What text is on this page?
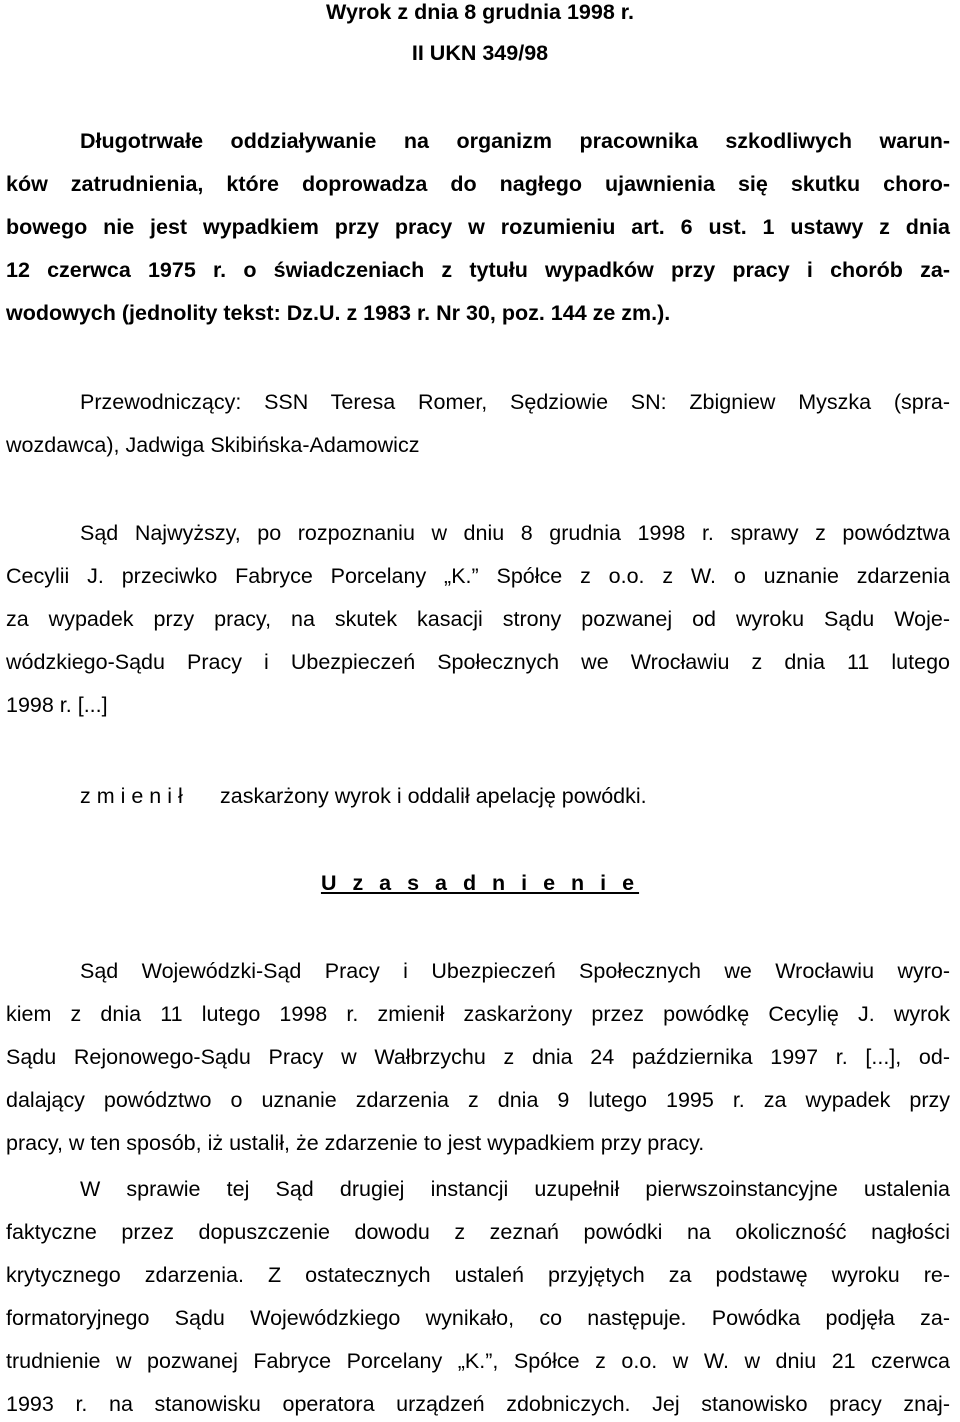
Wyrok z dnia 8 grudnia 1998 r.

II UKN 349/98

Długotrwałe oddziaływanie na organizm pracownika szkodliwych warun-

ków zatrudnienia, które doprowadza do nagłego ujawnienia się skutku choro-

bowego nie jest wypadkiem przy pracy w rozumieniu art. 6 ust. 1 ustawy z dnia

12 czerwca 1975 r. o świadczeniach z tytułu wypadków przy pracy i chorób za-

wodowych (jednolity tekst: Dz.U. z 1983 r. Nr 30, poz. 144 ze zm.).

Przewodniczący: SSN Teresa Romer, Sędziowie SN: Zbigniew Myszka (spra-

wozdawca), Jadwiga Skibińska-Adamowicz

Sąd Najwyższy, po rozpoznaniu w dniu 8 grudnia 1998 r. sprawy z powództwa

Cecylii J. przeciwko Fabryce Porcelany „K.” Spółce z o.o. z W. o uznanie zdarzenia

za wypadek przy pracy, na skutek kasacji strony pozwanej od wyroku Sądu Woje-

wódzkiego-Sądu Pracy i Ubezpieczeń Społecznych we Wrocławiu z dnia 11 lutego

1998 r. [...]

z m i e n i ł zaskarżony wyrok i oddalił apelację powódki.

U z a s a d n i e n i e

Sąd Wojewódzki-Sąd Pracy i Ubezpieczeń Społecznych we Wrocławiu wyro-

kiem z dnia 11 lutego 1998 r. zmienił zaskarżony przez powódkę Cecylię J. wyrok

Sądu Rejonowego-Sądu Pracy w Wałbrzychu z dnia 24 października 1997 r. [...], od-

dalający powództwo o uznanie zdarzenia z dnia 9 lutego 1995 r. za wypadek przy

pracy, w ten sposób, iż ustalił, że zdarzenie to jest wypadkiem przy pracy.

W sprawie tej Sąd drugiej instancji uzupełnił pierwszoinstancyjne ustalenia

faktyczne przez dopuszczenie dowodu z zeznań powódki na okoliczność nagłości

krytycznego zdarzenia. Z ostatecznych ustaleń przyjętych za podstawę wyroku re-

formatoryjnego Sądu Wojewódzkiego wynikało, co następuje. Powódka podjęła za-

trudnienie w pozwanej Fabryce Porcelany „K.”, Spółce z o.o. w W. w dniu 21 czerwca

1993 r. na stanowisku operatora urządzeń zdobniczych. Jej stanowisko pracy znaj-
